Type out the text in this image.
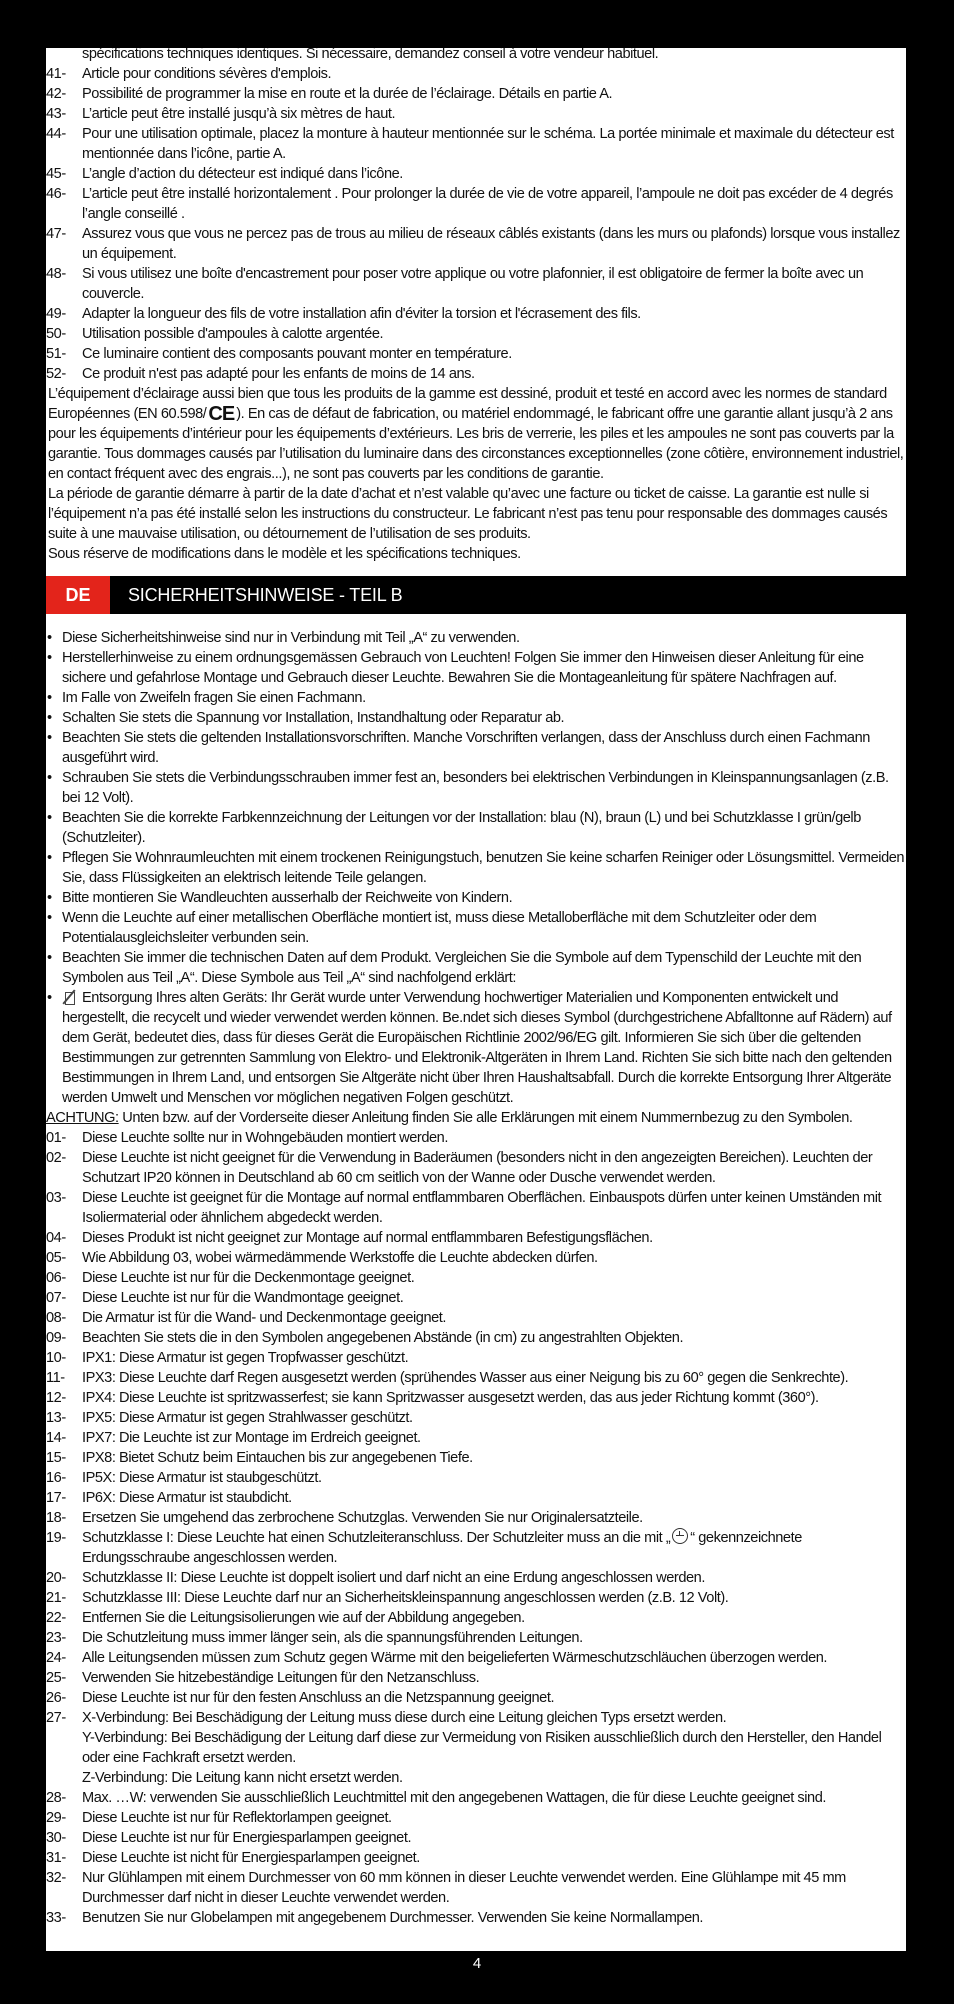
spécifications techniques identiques. Si nécessaire, demandez conseil à votre vendeur habituel.
41- Article pour conditions sévères d'emplois.
42- Possibilité de programmer la mise en route et la durée de l’éclairage. Détails en partie A.
43- L’article peut être installé jusqu’à six mètres de haut.
44- Pour une utilisation optimale, placez la monture à hauteur mentionnée sur le schéma. La portée minimale et maximale du détecteur est mentionnée dans l’icône, partie A.
45- L’angle d’action du détecteur est indiqué dans l’icône.
46- L’article peut être installé horizontalement . Pour prolonger la durée de vie de votre appareil, l’ampoule ne doit pas excéder de 4 degrés l’angle conseillé .
47- Assurez vous que vous ne percez pas de trous au milieu de réseaux câblés existants (dans les murs ou plafonds) lorsque vous installez un équipement.
48- Si vous utilisez une boîte d'encastrement pour poser votre applique ou votre plafonnier, il est obligatoire de fermer la boîte avec un couvercle.
49- Adapter la longueur des fils de votre installation afin d'éviter la torsion et l'écrasement des fils.
50- Utilisation possible d'ampoules à calotte argentée.
51- Ce luminaire contient des composants pouvant monter en température.
52- Ce produit n'est pas adapté pour les enfants de moins de 14 ans.
L’équipement d’éclairage aussi bien que tous les produits de la gamme est dessiné, produit et testé en accord avec les normes de standard Européennes (EN 60.598/ CE ). En cas de défaut de fabrication, ou matériel endommagé, le fabricant offre une garantie allant jusqu’à 2 ans pour les équipements d’intérieur pour les équipements d’extérieurs. Les bris de verrerie, les piles et les ampoules ne sont pas couverts par la garantie. Tous dommages causés par l’utilisation du luminaire dans des circonstances exceptionnelles (zone côtière, environnement industriel, en contact fréquent avec des engrais...), ne sont pas couverts par les conditions de garantie.
La période de garantie démarre à partir de la date d’achat et n’est valable qu’avec une facture ou ticket de caisse. La garantie est nulle si l’équipement n’a pas été installé selon les instructions du constructeur. Le fabricant n’est pas tenu pour responsable des dommages causés suite à une mauvaise utilisation, ou détournement de l’utilisation de ses produits.
Sous réserve de modifications dans le modèle et les spécifications techniques.
DE	SICHERHEITSHINWEISE - TEIL B
• Diese Sicherheitshinweise sind nur in Verbindung mit Teil „A“ zu verwenden.
• Herstellerhinweise zu einem ordnungsgemässen Gebrauch von Leuchten! Folgen Sie immer den Hinweisen dieser Anleitung für eine sichere und gefahrlose Montage und Gebrauch dieser Leuchte. Bewahren Sie die Montageanleitung für spätere Nachfragen auf.
• Im Falle von Zweifeln fragen Sie einen Fachmann.
• Schalten Sie stets die Spannung vor Installation, Instandhaltung oder Reparatur ab.
• Beachten Sie stets die geltenden Installationsvorschriften. Manche Vorschriften verlangen, dass der Anschluss durch einen Fachmann ausgeführt wird.
• Schrauben Sie stets die Verbindungsschrauben immer fest an, besonders bei elektrischen Verbindungen in Kleinspannungsanlagen (z.B. bei 12 Volt).
• Beachten Sie die korrekte Farbkennzeichnung der Leitungen vor der Installation: blau (N), braun (L) und bei Schutzklasse I grün/gelb (Schutzleiter).
• Pflegen Sie Wohnraumleuchten mit einem trockenen Reinigungstuch, benutzen Sie keine scharfen Reiniger oder Lösungsmittel. Vermeiden Sie, dass Flüssigkeiten an elektrisch leitende Teile gelangen.
• Bitte montieren Sie Wandleuchten ausserhalb der Reichweite von Kindern.
• Wenn die Leuchte auf einer metallischen Oberfläche montiert ist, muss diese Metalloberfläche mit dem Schutzleiter oder dem Potentialausgleichsleiter verbunden sein.
• Beachten Sie immer die technischen Daten auf dem Produkt. Vergleichen Sie die Symbole auf dem Typenschild der Leuchte mit den Symbolen aus Teil „A“. Diese Symbole aus Teil „A“ sind nachfolgend erklärt:
• Entsorgung Ihres alten Geräts: Ihr Gerät wurde unter Verwendung hochwertiger Materialien und Komponenten entwickelt und hergestellt, die recycelt und wieder verwendet werden können. Be.ndet sich dieses Symbol (durchgestrichene Abfalltonne auf Rädern) auf dem Gerät, bedeutet dies, dass für dieses Gerät die Europäischen Richtlinie 2002/96/EG gilt. Informieren Sie sich über die geltenden Bestimmungen zur getrennten Sammlung von Elektro- und Elektronik-Altgeräten in Ihrem Land. Richten Sie sich bitte nach den geltenden Bestimmungen in Ihrem Land, und entsorgen Sie Altgeräte nicht über Ihren Haushaltsabfall. Durch die korrekte Entsorgung Ihrer Altgeräte werden Umwelt und Menschen vor möglichen negativen Folgen geschützt.
ACHTUNG: Unten bzw. auf der Vorderseite dieser Anleitung finden Sie alle Erklärungen mit einem Nummernbezug zu den Symbolen.
01- Diese Leuchte sollte nur in Wohngebäuden montiert werden.
02- Diese Leuchte ist nicht geeignet für die Verwendung in Baderäumen (besonders nicht in den angezeigten Bereichen). Leuchten der Schutzart IP20 können in Deutschland ab 60 cm seitlich von der Wanne oder Dusche verwendet werden.
03- Diese Leuchte ist geeignet für die Montage auf normal entflammbaren Oberflächen. Einbauspots dürfen unter keinen Umständen mit Isoliermaterial oder ähnlichem abgedeckt werden.
04- Dieses Produkt ist nicht geeignet zur Montage auf normal entflammbaren Befestigungsflächen.
05- Wie Abbildung 03, wobei wärmedämmende Werkstoffe die Leuchte abdecken dürfen.
06- Diese Leuchte ist nur für die Deckenmontage geeignet.
07- Diese Leuchte ist nur für die Wandmontage geeignet.
08- Die Armatur ist für die Wand- und Deckenmontage geeignet.
09- Beachten Sie stets die in den Symbolen angegebenen Abstände (in cm) zu angestrahlten Objekten.
10- IPX1: Diese Armatur ist gegen Tropfwasser geschützt.
11- IPX3: Diese Leuchte darf Regen ausgesetzt werden (sprühendes Wasser aus einer Neigung bis zu 60° gegen die Senkrechte).
12- IPX4: Diese Leuchte ist spritzwasserfest; sie kann Spritzwasser ausgesetzt werden, das aus jeder Richtung kommt (360°).
13- IPX5: Diese Armatur ist gegen Strahlwasser geschützt.
14- IPX7: Die Leuchte ist zur Montage im Erdreich geeignet.
15- IPX8: Bietet Schutz beim Eintauchen bis zur angegebenen Tiefe.
16- IP5X: Diese Armatur ist staubgeschützt.
17- IP6X: Diese Armatur ist staubdicht.
18- Ersetzen Sie umgehend das zerbrochene Schutzglas. Verwenden Sie nur Originalersatzteile.
19- Schutzklasse I: Diese Leuchte hat einen Schutzleiteranschluss. Der Schutzleiter muss an die mit „ “ gekennzeichnete Erdungsschraube angeschlossen werden.
20- Schutzklasse II: Diese Leuchte ist doppelt isoliert und darf nicht an eine Erdung angeschlossen werden.
21- Schutzklasse III: Diese Leuchte darf nur an Sicherheitskleinspannung angeschlossen werden (z.B. 12 Volt).
22- Entfernen Sie die Leitungsisolierungen wie auf der Abbildung angegeben.
23- Die Schutzleitung muss immer länger sein, als die spannungsführenden Leitungen.
24- Alle Leitungsenden müssen zum Schutz gegen Wärme mit den beigelieferten Wärmeschutzschläuchen überzogen werden.
25- Verwenden Sie hitzebeständige Leitungen für den Netzanschluss.
26- Diese Leuchte ist nur für den festen Anschluss an die Netzspannung geeignet.
27- X-Verbindung: Bei Beschädigung der Leitung muss diese durch eine Leitung gleichen Typs ersetzt werden.
Y-Verbindung: Bei Beschädigung der Leitung darf diese zur Vermeidung von Risiken ausschließlich durch den Hersteller, den Handel oder eine Fachkraft ersetzt werden.
Z-Verbindung: Die Leitung kann nicht ersetzt werden.
28- Max. …W: verwenden Sie ausschließlich Leuchtmittel mit den angegebenen Wattagen, die für diese Leuchte geeignet sind.
29- Diese Leuchte ist nur für Reflektorlampen geeignet.
30- Diese Leuchte ist nur für Energiesparlampen geeignet.
31- Diese Leuchte ist nicht für Energiesparlampen geeignet.
32- Nur Glühlampen mit einem Durchmesser von 60 mm können in dieser Leuchte verwendet werden. Eine Glühlampe mit 45 mm Durchmesser darf nicht in dieser Leuchte verwendet werden.
33- Benutzen Sie nur Globelampen mit angegebenem Durchmesser. Verwenden Sie keine Normallampen.
4
